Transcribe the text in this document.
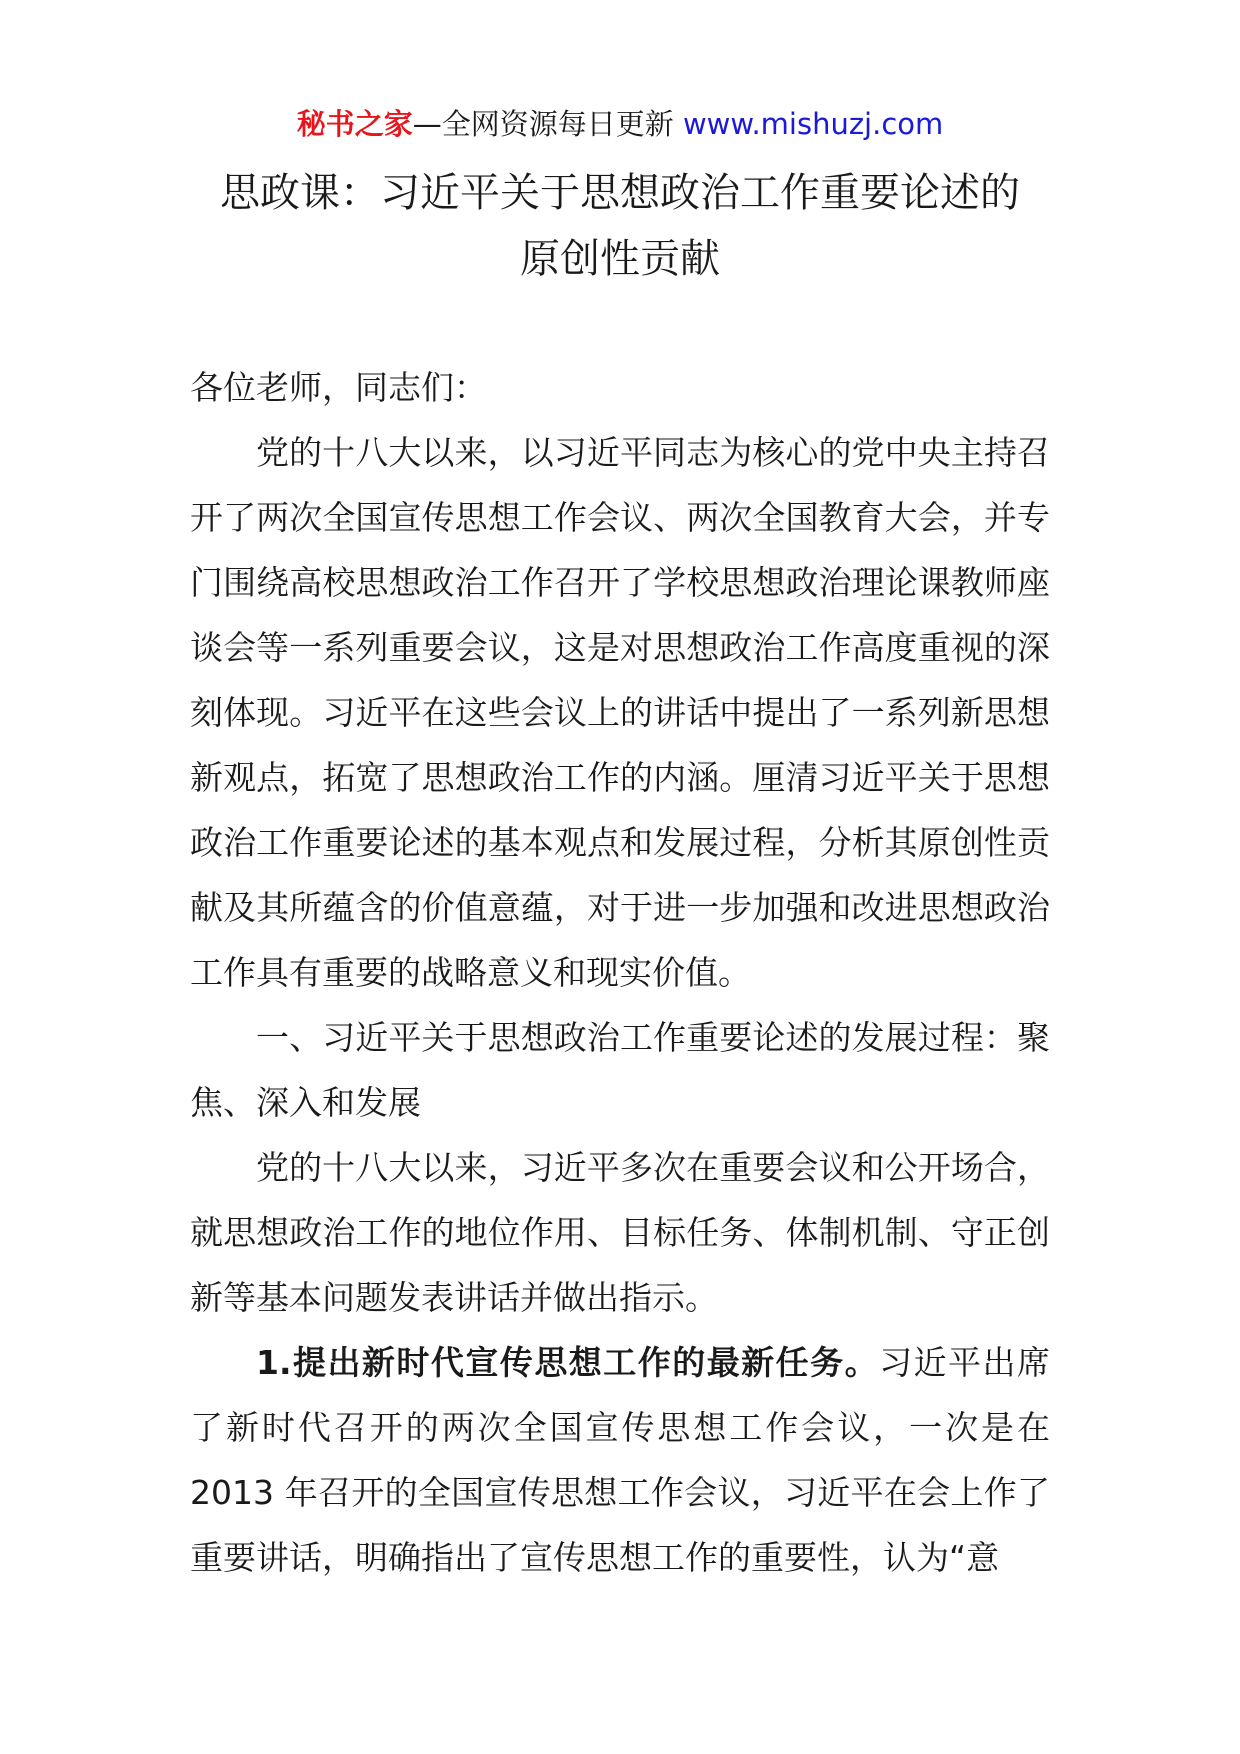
秘书之家—全网资源每日更新 www.mishuzj.com
思政课：习近平关于思想政治工作重要论述的
原创性贡献

各位老师，同志们：

党的十八大以来，以习近平同志为核心的党中央主持召开了两次全国宣传思想工作会议、两次全国教育大会，并专门围绕高校思想政治工作召开了学校思想政治理论课教师座谈会等一系列重要会议，这是对思想政治工作高度重视的深刻体现。习近平在这些会议上的讲话中提出了一系列新思想新观点，拓宽了思想政治工作的内涵。厘清习近平关于思想政治工作重要论述的基本观点和发展过程，分析其原创性贡献及其所蕴含的价值意蕴，对于进一步加强和改进思想政治工作具有重要的战略意义和现实价值。

一、习近平关于思想政治工作重要论述的发展过程：聚焦、深入和发展

党的十八大以来，习近平多次在重要会议和公开场合，就思想政治工作的地位作用、目标任务、体制机制、守正创新等基本问题发表讲话并做出指示。

1.提出新时代宣传思想工作的最新任务。习近平出席了新时代召开的两次全国宣传思想工作会议，一次是在 2013 年召开的全国宣传思想工作会议，习近平在会上作了重要讲话，明确指出了宣传思想工作的重要性，认为“意
